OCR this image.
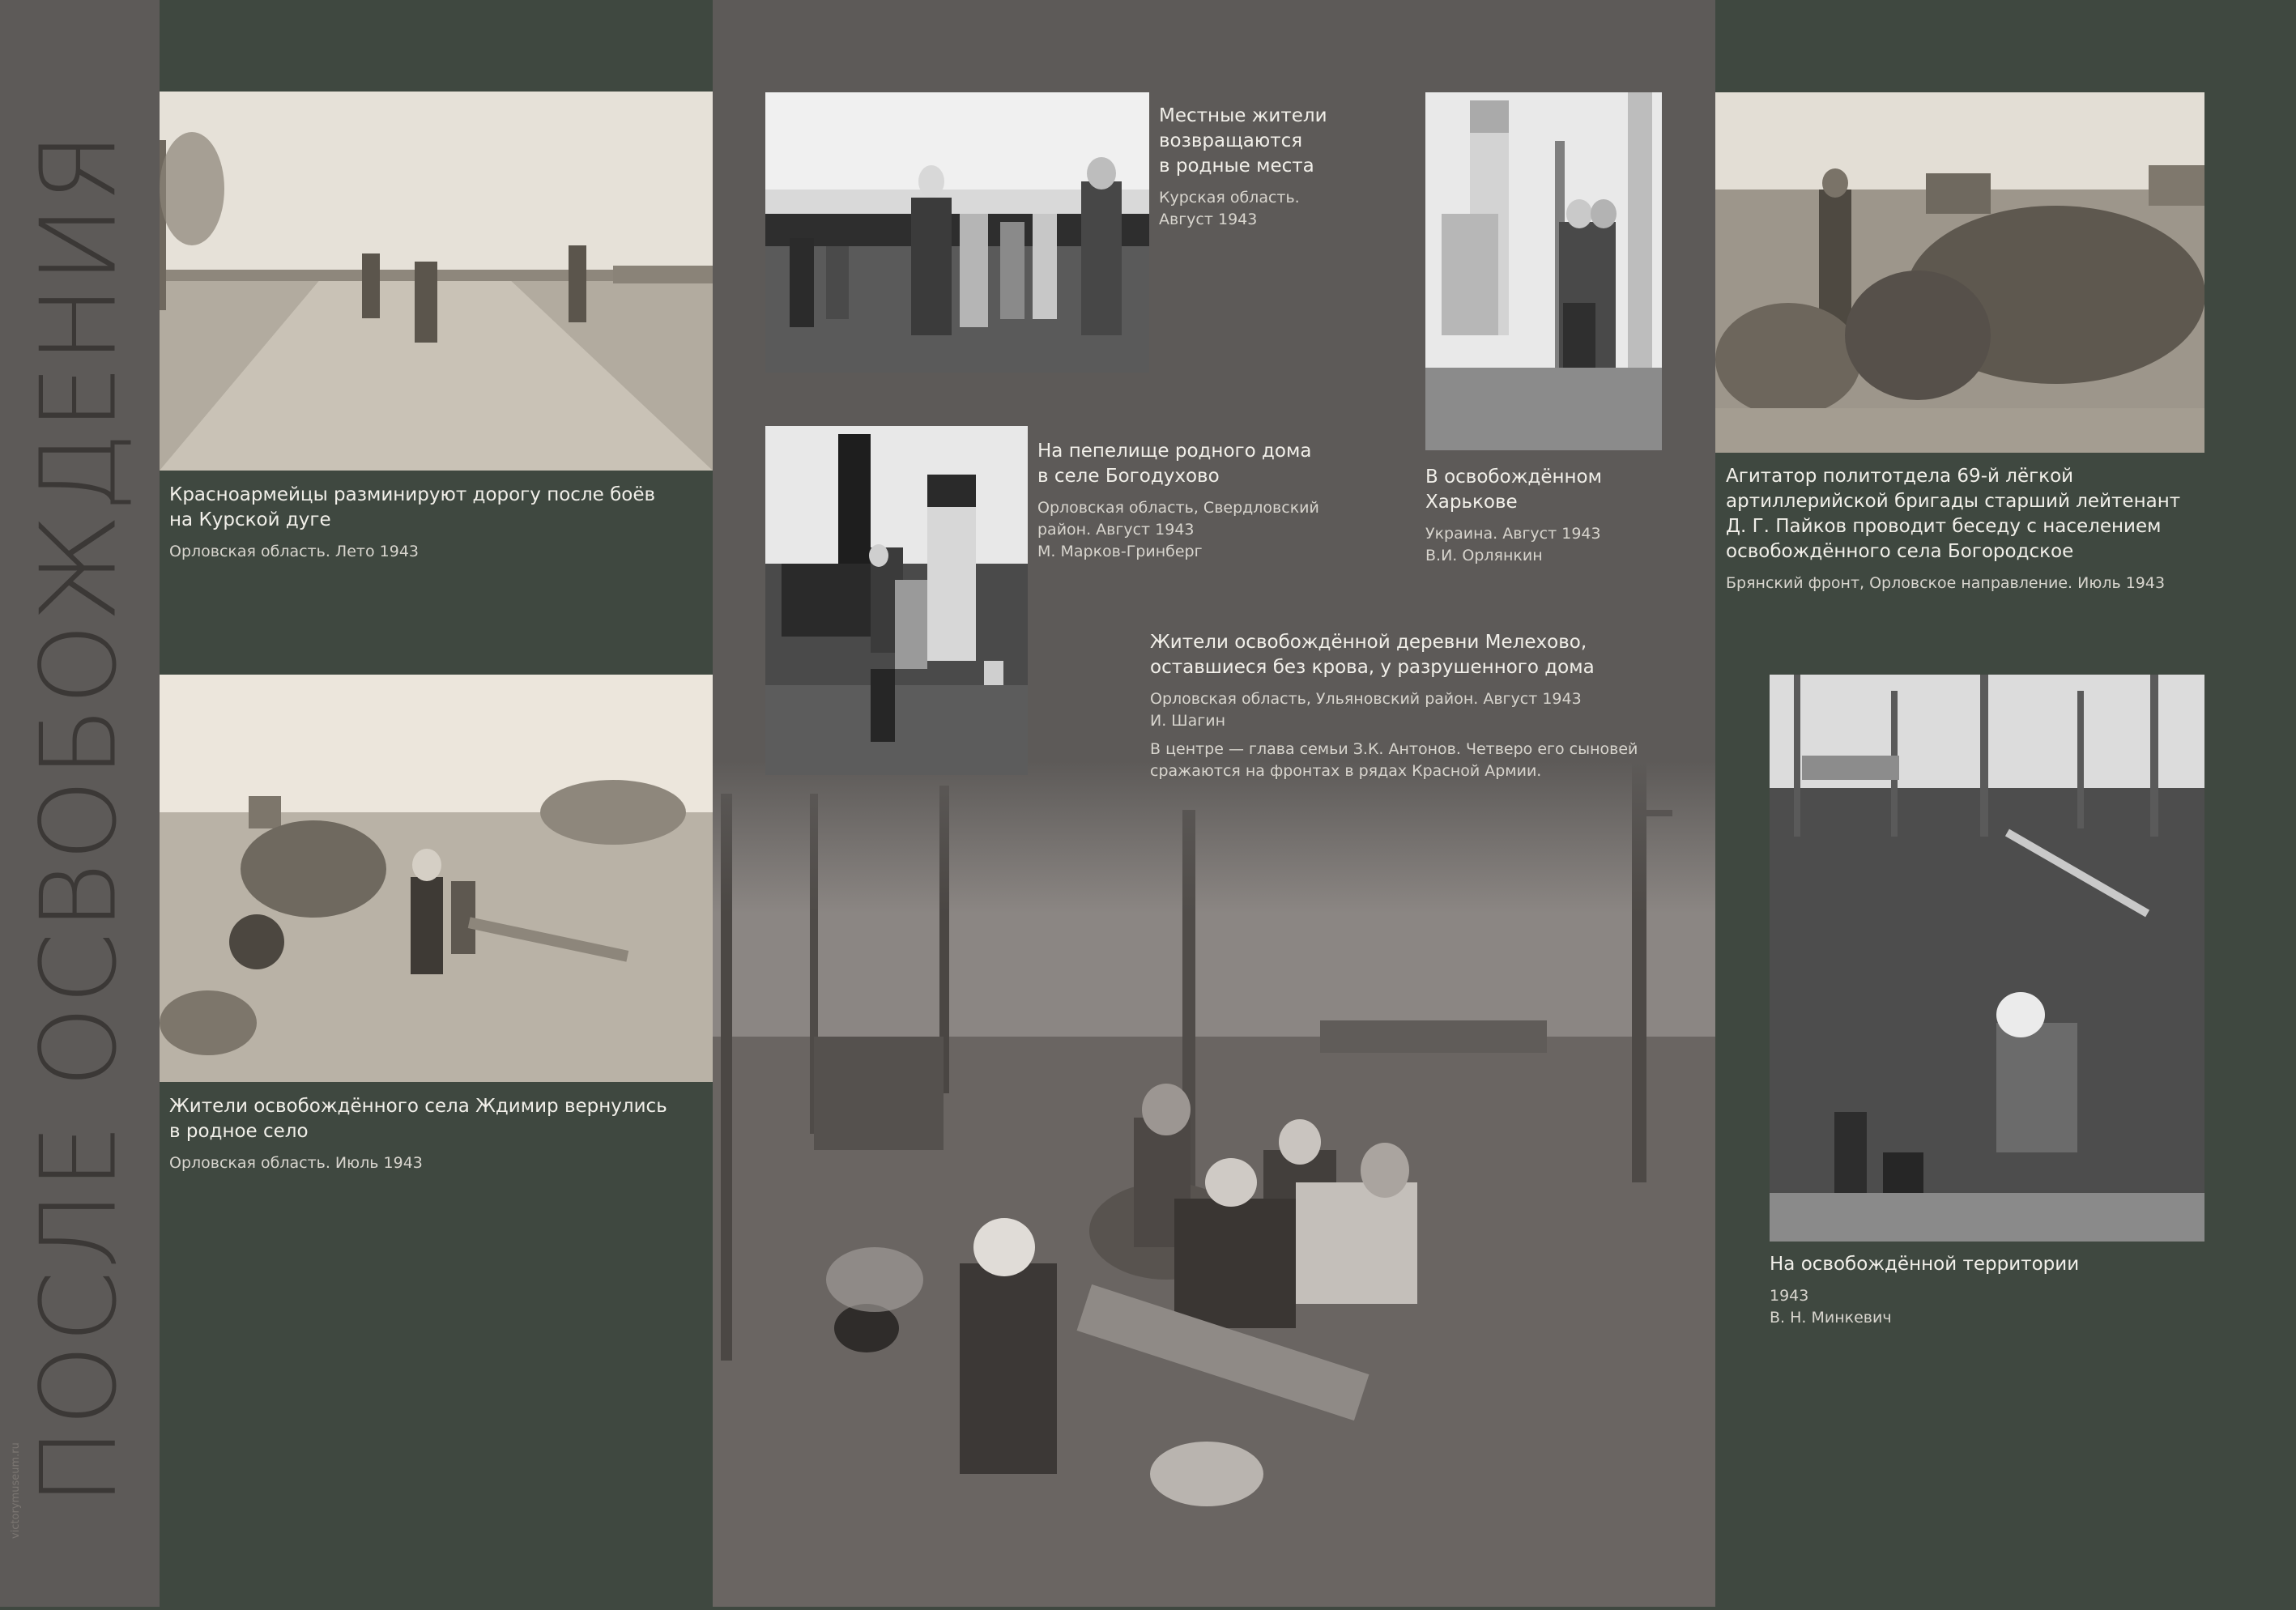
ПОСЛЕ ОСВОБОЖДЕНИЯ
victorymuseum.ru
Красноармейцы разминируют дорогу после боёв
на Курской дуге
Орловская область. Лето 1943
Жители освобождённого села Ждимир вернулись
в родное село
Орловская область. Июль 1943
Местные жители
возвращаются
в родные места
Курская область.
Август 1943
На пепелище родного дома
в селе Богодухово
Орловская область, Свердловский
район. Август 1943
М. Марков-Гринберг
В освобождённом
Харькове
Украина. Август 1943
В.И. Орлянкин
Жители освобождённой деревни Мелехово,
оставшиеся без крова, у разрушенного дома
Орловская область, Ульяновский район. Август 1943
И. Шагин
В центре — глава семьи З.К. Антонов. Четверо его сыновей
сражаются на фронтах в рядах Красной Армии.
Агитатор политотдела 69-й лёгкой
артиллерийской бригады старший лейтенант
Д. Г. Пайков проводит беседу с населением
освобождённого села Богородское
Брянский фронт, Орловское направление. Июль 1943
На освобождённой территории
1943
В. Н. Минкевич
